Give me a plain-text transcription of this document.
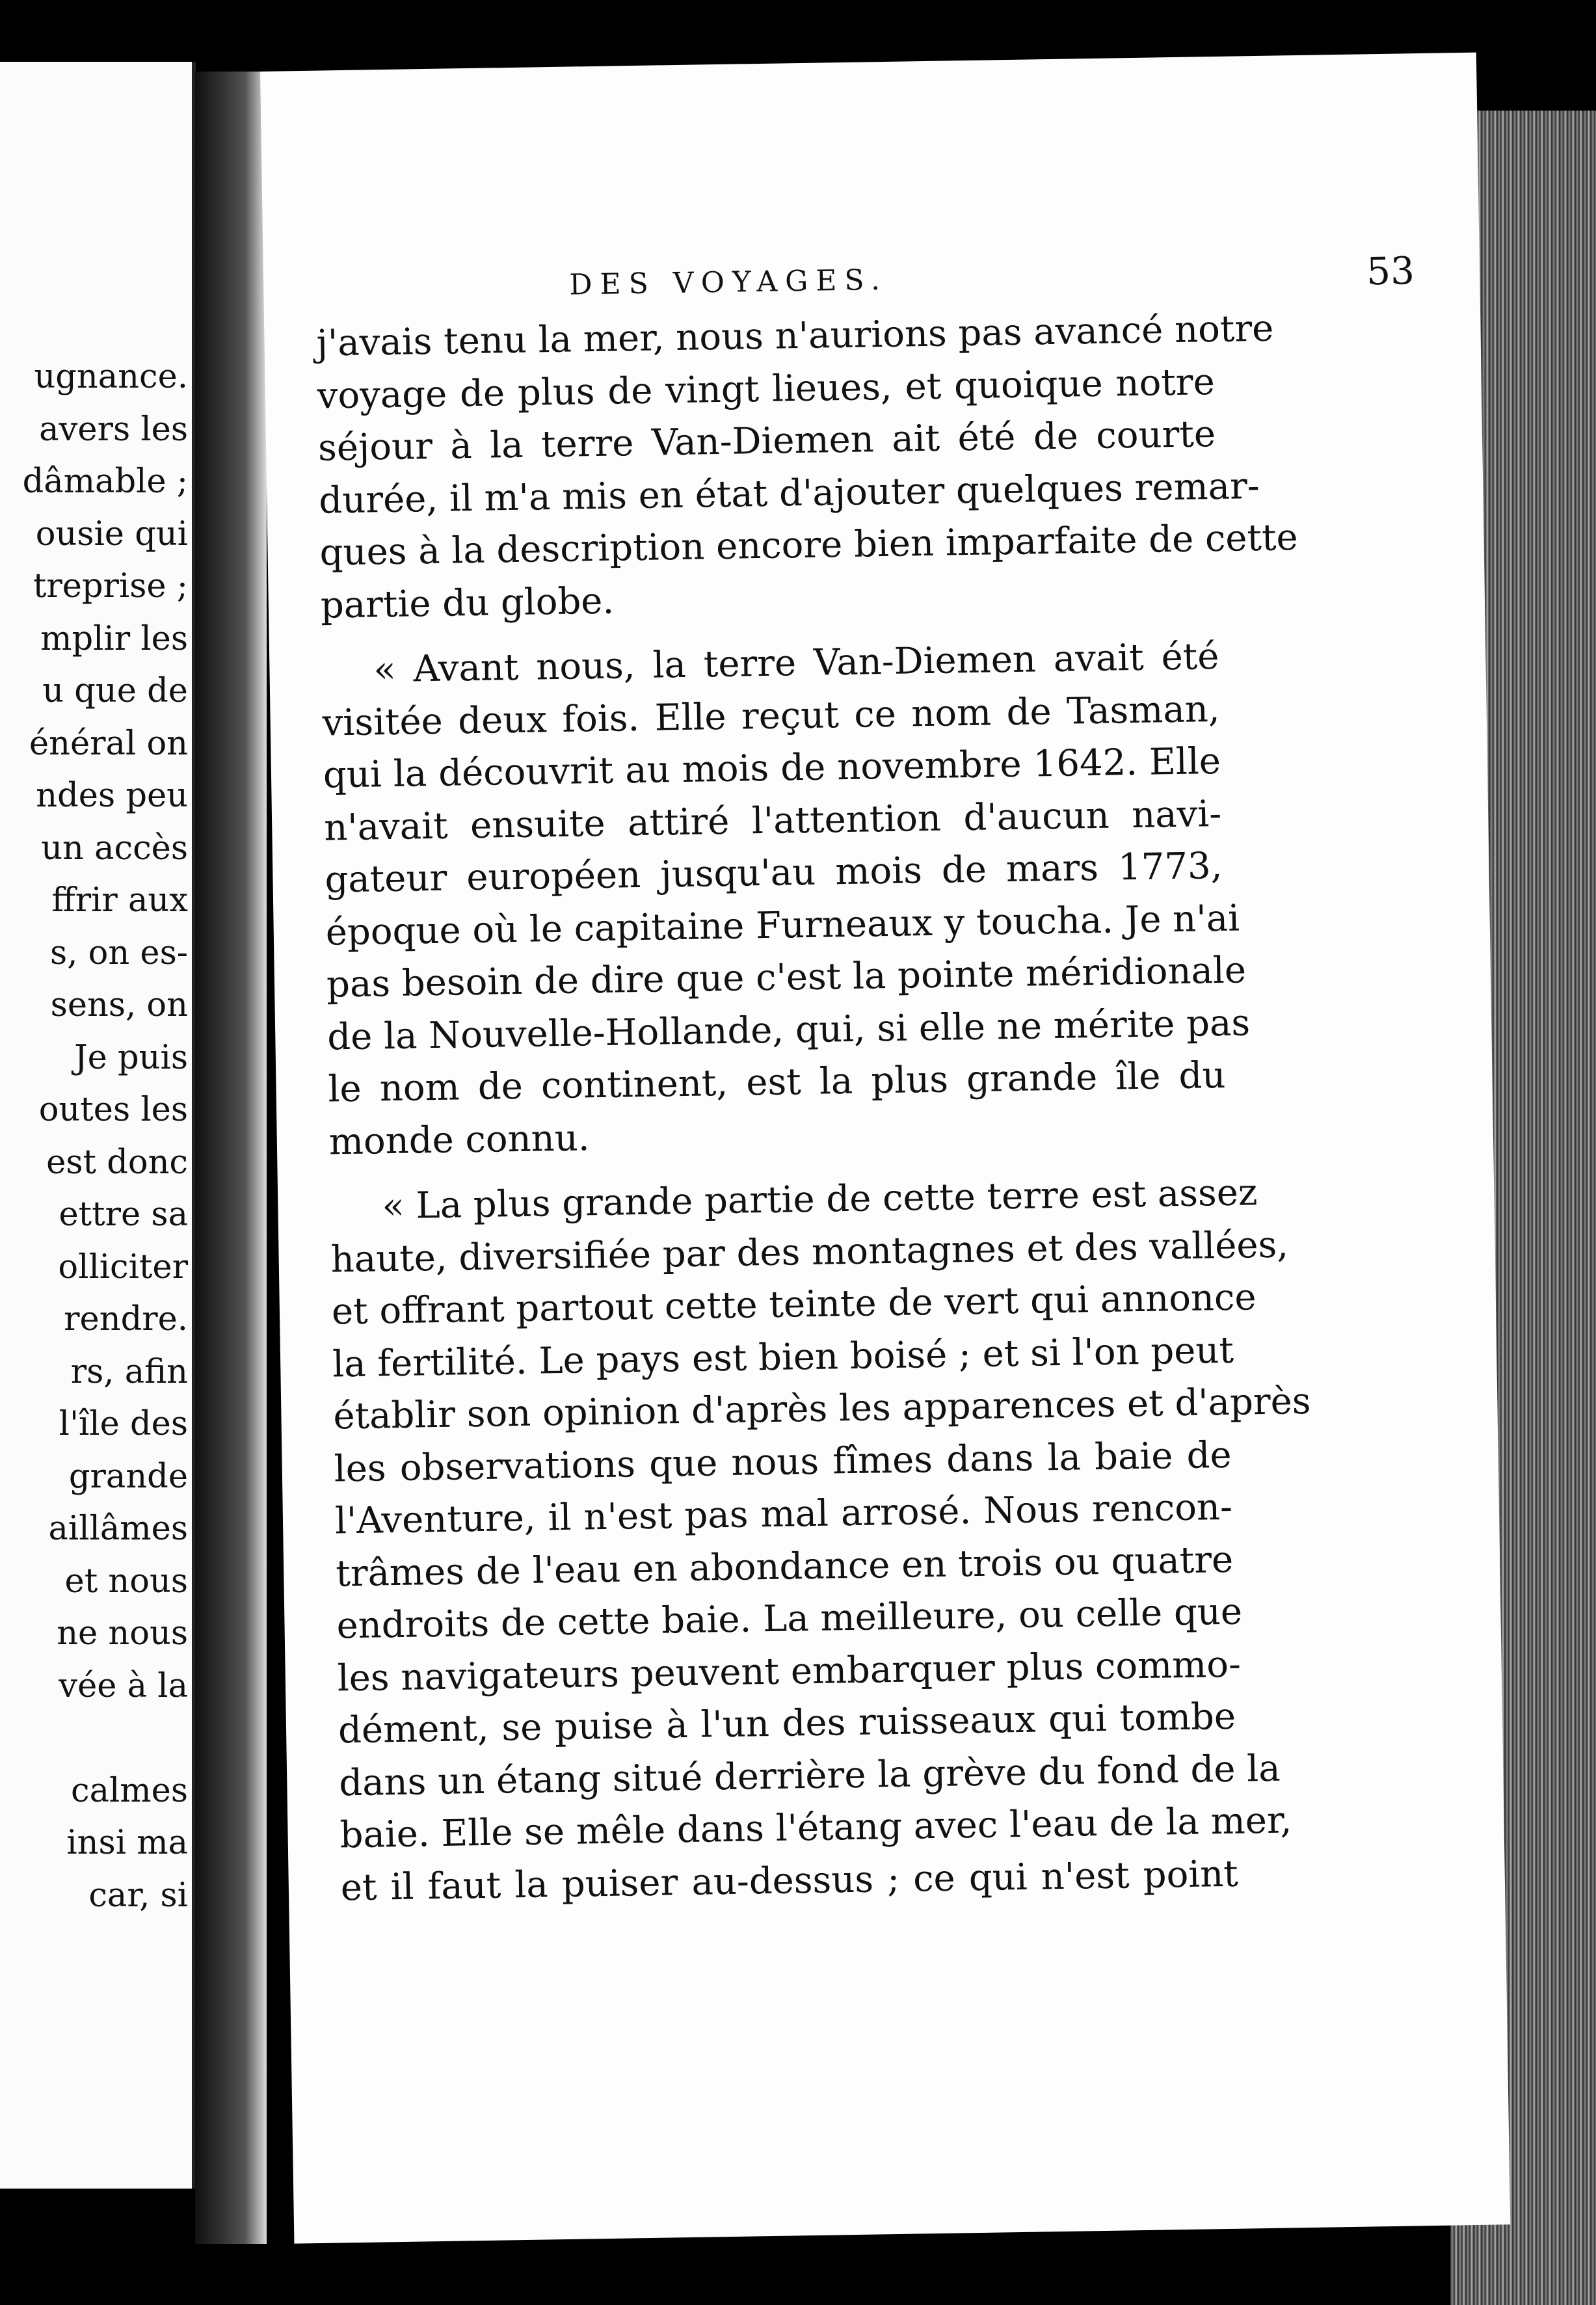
ugnance.
avers les
dâmable ;
ousie qui
treprise ;
mplir les
u que de
énéral on
ndes peu
un accès
ffrir aux
s, on es-
sens, on
Je puis
outes les
est donc
ettre sa
olliciter
rendre.
rs, afin
l'île des
grande
aillâmes
et nous
ne nous
vée à la
calmes
insi ma
car, si
DES VOYAGES.	53
j'avais tenu la mer, nous n'aurions pas avancé notre
voyage de plus de vingt lieues, et quoique notre
séjour à la terre Van-Diemen ait été de courte
durée, il m'a mis en état d'ajouter quelques remar-
ques à la description encore bien imparfaite de cette
partie du globe.
« Avant nous, la terre Van-Diemen avait été
visitée deux fois. Elle reçut ce nom de Tasman,
qui la découvrit au mois de novembre 1642. Elle
n'avait ensuite attiré l'attention d'aucun navi-
gateur européen jusqu'au mois de mars 1773,
époque où le capitaine Furneaux y toucha. Je n'ai
pas besoin de dire que c'est la pointe méridionale
de la Nouvelle-Hollande, qui, si elle ne mérite pas
le nom de continent, est la plus grande île du
monde connu.
« La plus grande partie de cette terre est assez
haute, diversifiée par des montagnes et des vallées,
et offrant partout cette teinte de vert qui annonce
la fertilité. Le pays est bien boisé ; et si l'on peut
établir son opinion d'après les apparences et d'après
les observations que nous fîmes dans la baie de
l'Aventure, il n'est pas mal arrosé. Nous rencon-
trâmes de l'eau en abondance en trois ou quatre
endroits de cette baie. La meilleure, ou celle que
les navigateurs peuvent embarquer plus commo-
dément, se puise à l'un des ruisseaux qui tombe
dans un étang situé derrière la grève du fond de la
baie. Elle se mêle dans l'étang avec l'eau de la mer,
et il faut la puiser au-dessus ; ce qui n'est point
